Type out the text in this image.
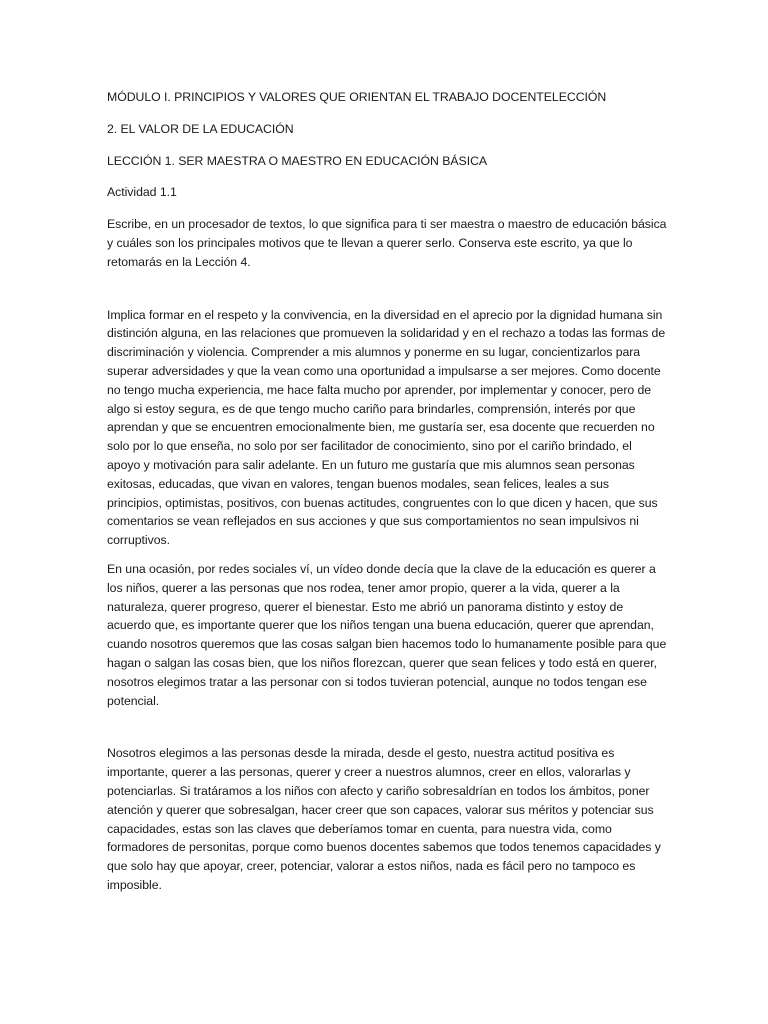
MÓDULO I. PRINCIPIOS Y VALORES QUE ORIENTAN EL TRABAJO DOCENTELECCIÓN

2. EL VALOR DE LA EDUCACIÓN

LECCIÓN 1. SER MAESTRA O MAESTRO EN EDUCACIÓN BÁSICA

Actividad 1.1

Escribe, en un procesador de textos, lo que significa para ti ser maestra o maestro de educación básica y cuáles son los principales motivos que te llevan a querer serlo. Conserva este escrito, ya que lo retomarás en la Lección 4.

Implica formar en el respeto y la convivencia, en la diversidad en el aprecio por la dignidad humana sin distinción alguna, en las relaciones que promueven la solidaridad y en el rechazo a todas las formas de discriminación y violencia. Comprender a mis alumnos y ponerme en su lugar, concientizarlos para superar adversidades y que la vean como una oportunidad a impulsarse a ser mejores. Como docente no tengo mucha experiencia, me hace falta mucho por aprender, por implementar y conocer, pero de algo si estoy segura, es de que tengo mucho cariño para brindarles, comprensión, interés por que aprendan y que se encuentren emocionalmente bien, me gustaría ser, esa docente que recuerden no solo por lo que enseña, no solo por ser facilitador de conocimiento, sino por el cariño brindado, el apoyo y motivación para salir adelante. En un futuro me gustaría que mis alumnos sean personas exitosas, educadas, que vivan en valores, tengan buenos modales, sean felices, leales a sus principios, optimistas, positivos, con buenas actitudes, congruentes con lo que dicen y hacen, que sus comentarios se vean reflejados en sus acciones y que sus comportamientos no sean impulsivos ni corruptivos.

En una ocasión, por redes sociales ví, un vídeo donde decía que la clave de la educación es querer a los niños, querer a las personas que nos rodea, tener amor propio, querer a la vida, querer a la naturaleza, querer progreso, querer el bienestar. Esto me abrió un panorama distinto y estoy de acuerdo que, es importante querer que los niños tengan una buena educación, querer que aprendan, cuando nosotros queremos que las cosas salgan bien hacemos todo lo humanamente posible para que hagan o salgan las cosas bien, que los niños florezcan, querer que sean felices y todo está en querer, nosotros elegimos tratar a las personar con si todos tuvieran potencial, aunque no todos tengan ese potencial.

Nosotros elegimos a las personas desde la mirada, desde el gesto, nuestra actitud positiva es importante, querer a las personas, querer y creer a nuestros alumnos, creer en ellos, valorarlas y potenciarlas. Si tratáramos a los niños con afecto y cariño sobresaldrían en todos los ámbitos, poner atención y querer que sobresalgan, hacer creer que son capaces, valorar sus méritos y potenciar sus capacidades, estas son las claves que deberíamos tomar en cuenta, para nuestra vida, como formadores de personitas, porque como buenos docentes sabemos que todos tenemos capacidades y que solo hay que apoyar, creer, potenciar, valorar a estos niños, nada es fácil pero no tampoco es imposible.
